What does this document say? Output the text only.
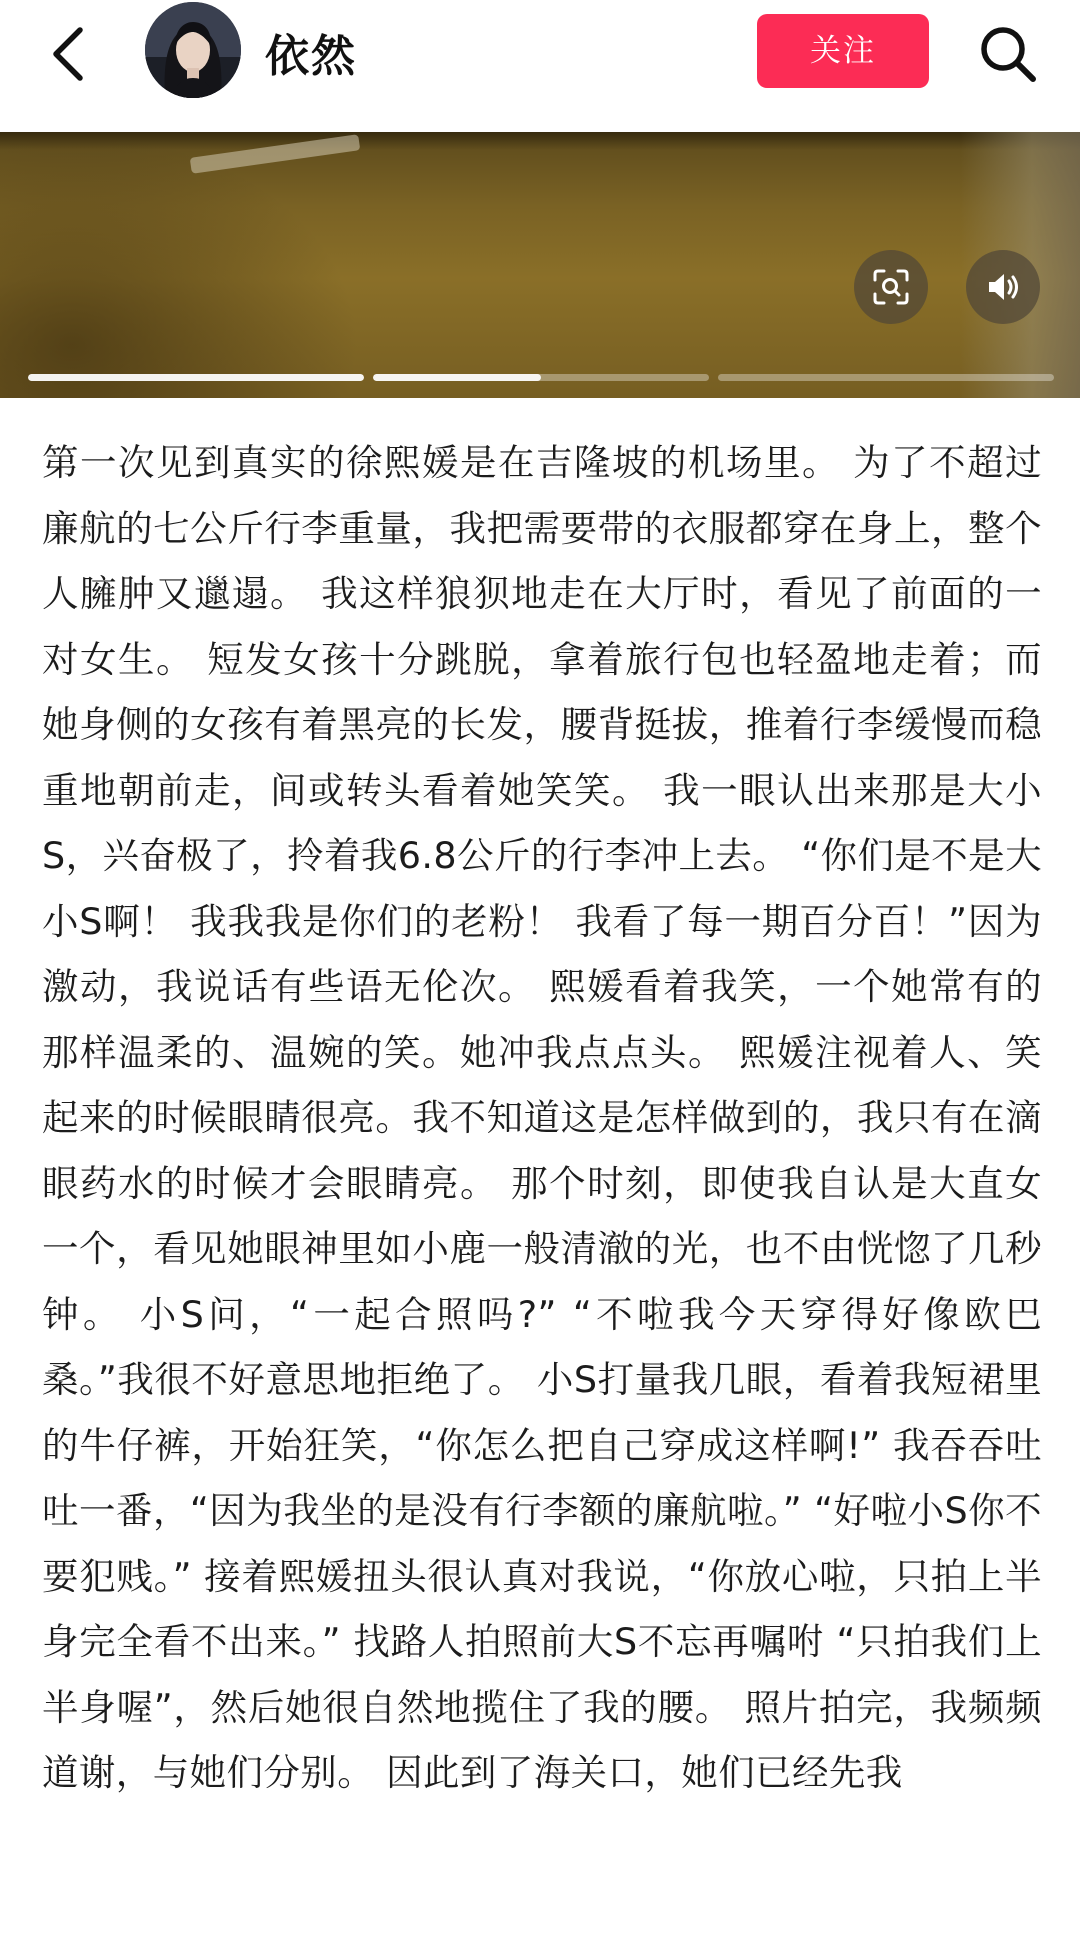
依然	关注
第一次见到真实的徐熙媛是在吉隆坡的机场里。 为了不超过廉航的七公斤行李重量，我把需要带的衣服都穿在身上，整个人臃肿又邋遢。 我这样狼狈地走在大厅时，看见了前面的一对女生。 短发女孩十分跳脱，拿着旅行包也轻盈地走着；而她身侧的女孩有着黑亮的长发，腰背挺拔，推着行李缓慢而稳重地朝前走，间或转头看着她笑笑。 我一眼认出来那是大小S，兴奋极了，拎着我6.8公斤的行李冲上去。 “你们是不是大小S啊！ 我我我是你们的老粉！ 我看了每一期百分百！”因为激动，我说话有些语无伦次。 熙媛看着我笑，一个她常有的那样温柔的、温婉的笑。她冲我点点头。 熙媛注视着人、笑起来的时候眼睛很亮。我不知道这是怎样做到的，我只有在滴眼药水的时候才会眼睛亮。 那个时刻，即使我自认是大直女一个，看见她眼神里如小鹿一般清澈的光，也不由恍惚了几秒钟。 小S问，“一起合照吗?” “不啦我今天穿得好像欧巴桑。”我很不好意思地拒绝了。 小S打量我几眼，看着我短裙里的牛仔裤，开始狂笑，“你怎么把自己穿成这样啊!” 我吞吞吐吐一番，“因为我坐的是没有行李额的廉航啦。” “好啦小S你不要犯贱。” 接着熙媛扭头很认真对我说，“你放心啦，只拍上半身完全看不出来。” 找路人拍照前大S不忘再嘱咐 “只拍我们上半身喔”，然后她很自然地揽住了我的腰。 照片拍完，我频频道谢，与她们分别。 因此到了海关口，她们已经先我
